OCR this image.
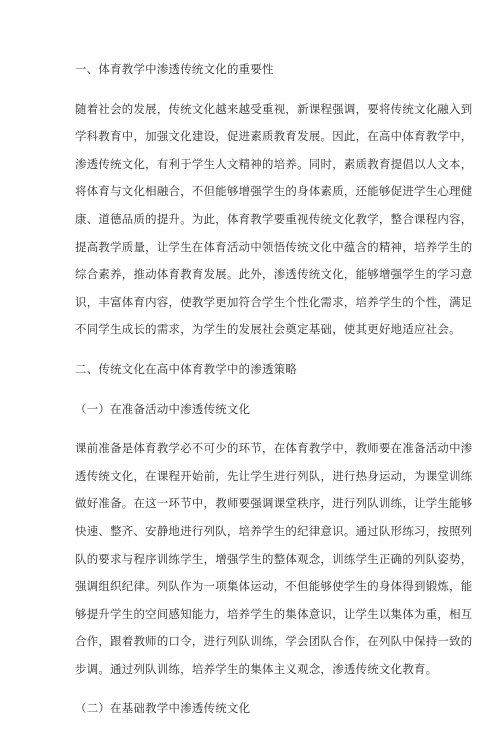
一、体育教学中渗透传统文化的重要性
随着社会的发展，传统文化越来越受重视，新课程强调，要将传统文化融入到
学科教育中，加强文化建设，促进素质教育发展。因此，在高中体育教学中，
渗透传统文化，有利于学生人文精神的培养。同时，素质教育提倡以人文本，
将体育与文化相融合，不但能够增强学生的身体素质，还能够促进学生心理健
康、道德品质的提升。为此，体育教学要重视传统文化教学，整合课程内容，
提高教学质量，让学生在体育活动中领悟传统文化中蕴含的精神，培养学生的
综合素养，推动体育教育发展。此外，渗透传统文化，能够增强学生的学习意
识，丰富体育内容，使教学更加符合学生个性化需求，培养学生的个性，满足
不同学生成长的需求，为学生的发展社会奠定基础，使其更好地适应社会。
二、传统文化在高中体育教学中的渗透策略
（一）在准备活动中渗透传统文化
课前准备是体育教学必不可少的环节，在体育教学中，教师要在准备活动中渗
透传统文化，在课程开始前，先让学生进行列队，进行热身运动，为课堂训练
做好准备。在这一环节中，教师要强调课堂秩序，进行列队训练，让学生能够
快速、整齐、安静地进行列队，培养学生的纪律意识。通过队形练习，按照列
队的要求与程序训练学生，增强学生的整体观念，训练学生正确的列队姿势，
强调组织纪律。列队作为一项集体运动，不但能够使学生的身体得到锻炼，能
够提升学生的空间感知能力，培养学生的集体意识，让学生以集体为重，相互
合作，跟着教师的口令，进行列队训练，学会团队合作，在列队中保持一致的
步调。通过列队训练，培养学生的集体主义观念，渗透传统文化教育。
（二）在基础教学中渗透传统文化
